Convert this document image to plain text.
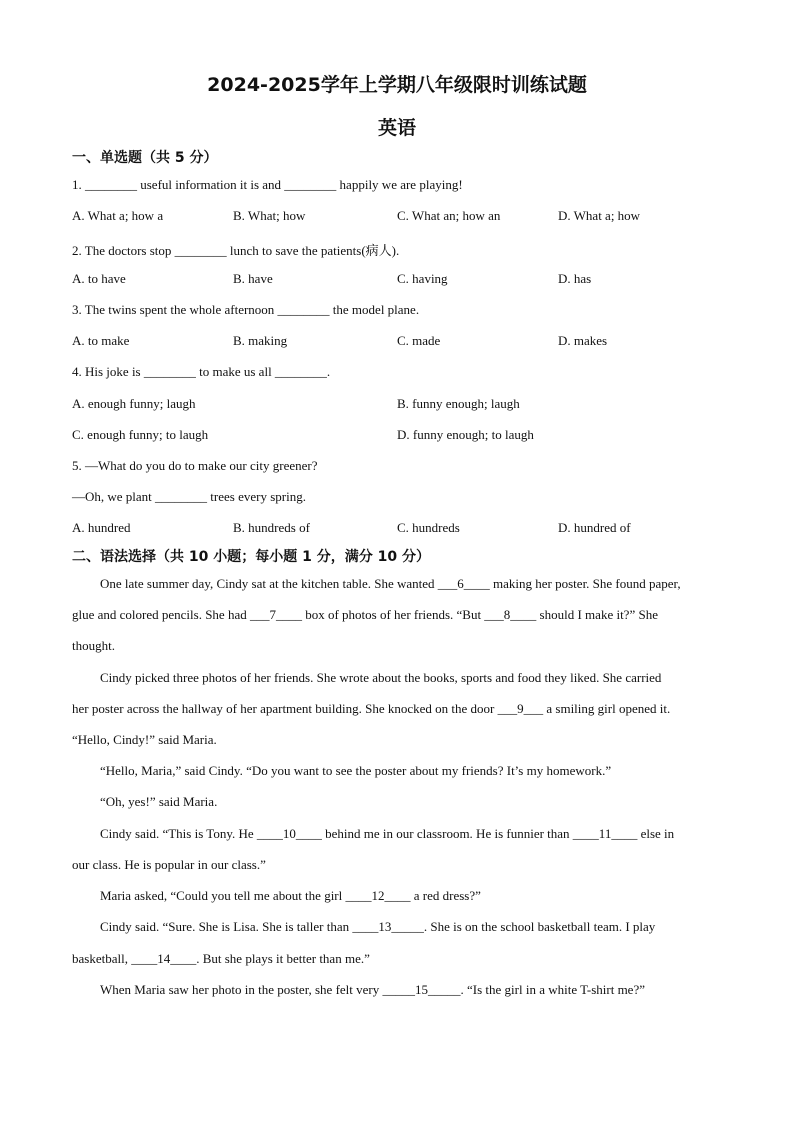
2024-2025学年上学期八年级限时训练试题
英语
一、单选题（共 5 分）
1. ________ useful information it is and ________ happily we are playing!
A. What a; how a	B. What; how	C. What an; how an	D. What a; how
2. The doctors stop ________ lunch to save the patients(病人).
A. to have	B. have	C. having	D. has
3. The twins spent the whole afternoon ________ the model plane.
A. to make	B. making	C. made	D. makes
4. His joke is ________ to make us all ________.
A. enough funny; laugh	B. funny enough; laugh
C. enough funny; to laugh	D. funny enough; to laugh
5. —What do you do to make our city greener?
—Oh, we plant ________ trees every spring.
A. hundred	B. hundreds of	C. hundreds	D. hundred of
二、语法选择（共 10 小题；每小题 1 分，满分 10 分）
One late summer day, Cindy sat at the kitchen table. She wanted ___6____ making her poster. She found paper,
glue and colored pencils. She had ___7____ box of photos of her friends. “But ___8____ should I make it?” She
thought.
Cindy picked three photos of her friends. She wrote about the books, sports and food they liked. She carried
her poster across the hallway of her apartment building. She knocked on the door ___9___ a smiling girl opened it.
“Hello, Cindy!” said Maria.
“Hello, Maria,” said Cindy. “Do you want to see the poster about my friends? It’s my homework.”
“Oh, yes!” said Maria.
Cindy said. “This is Tony. He ____10____ behind me in our classroom. He is funnier than ____11____ else in
our class. He is popular in our class.”
Maria asked, “Could you tell me about the girl ____12____ a red dress?”
Cindy said. “Sure. She is Lisa. She is taller than ____13_____. She is on the school basketball team. I play
basketball, ____14____. But she plays it better than me.”
When Maria saw her photo in the poster, she felt very _____15_____. “Is the girl in a white T-shirt me?”
